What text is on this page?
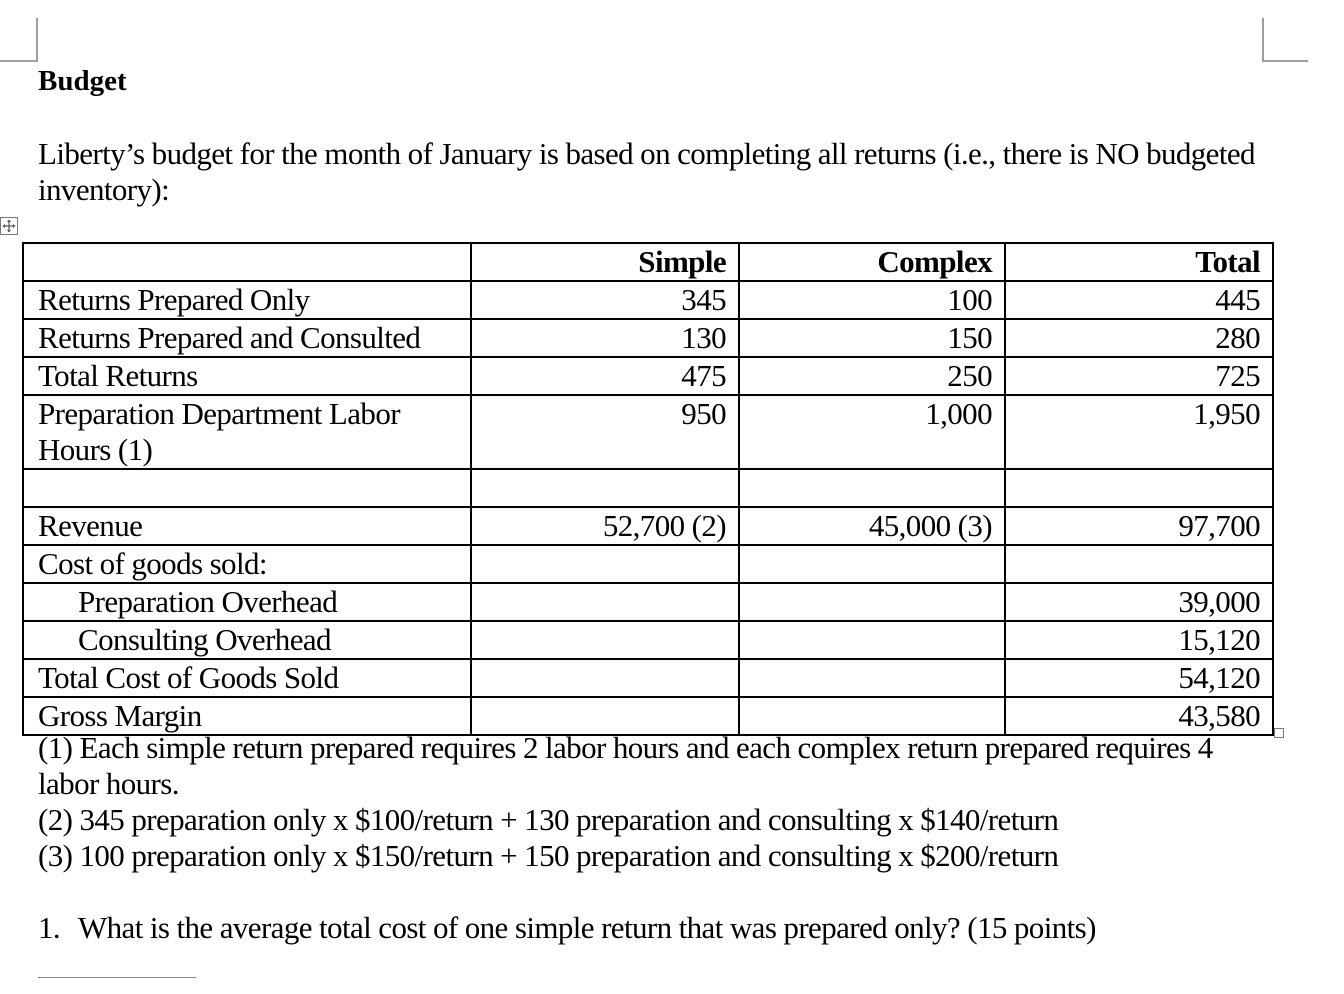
Budget

Liberty’s budget for the month of January is based on completing all returns (i.e., there is NO budgeted inventory):

	Simple	Complex	Total
Returns Prepared Only	345	100	445
Returns Prepared and Consulted	130	150	280
Total Returns	475	250	725
Preparation Department Labor Hours (1)	950	1,000	1,950

Revenue	52,700 (2)	45,000 (3)	97,700
Cost of goods sold:			
Preparation Overhead			39,000
Consulting Overhead			15,120
Total Cost of Goods Sold			54,120
Gross Margin			43,580

(1) Each simple return prepared requires 2 labor hours and each complex return prepared requires 4 labor hours.

(2) 345 preparation only x $100/return + 130 preparation and consulting x $140/return

(3) 100 preparation only x $150/return + 150 preparation and consulting x $200/return

1. What is the average total cost of one simple return that was prepared only? (15 points)
